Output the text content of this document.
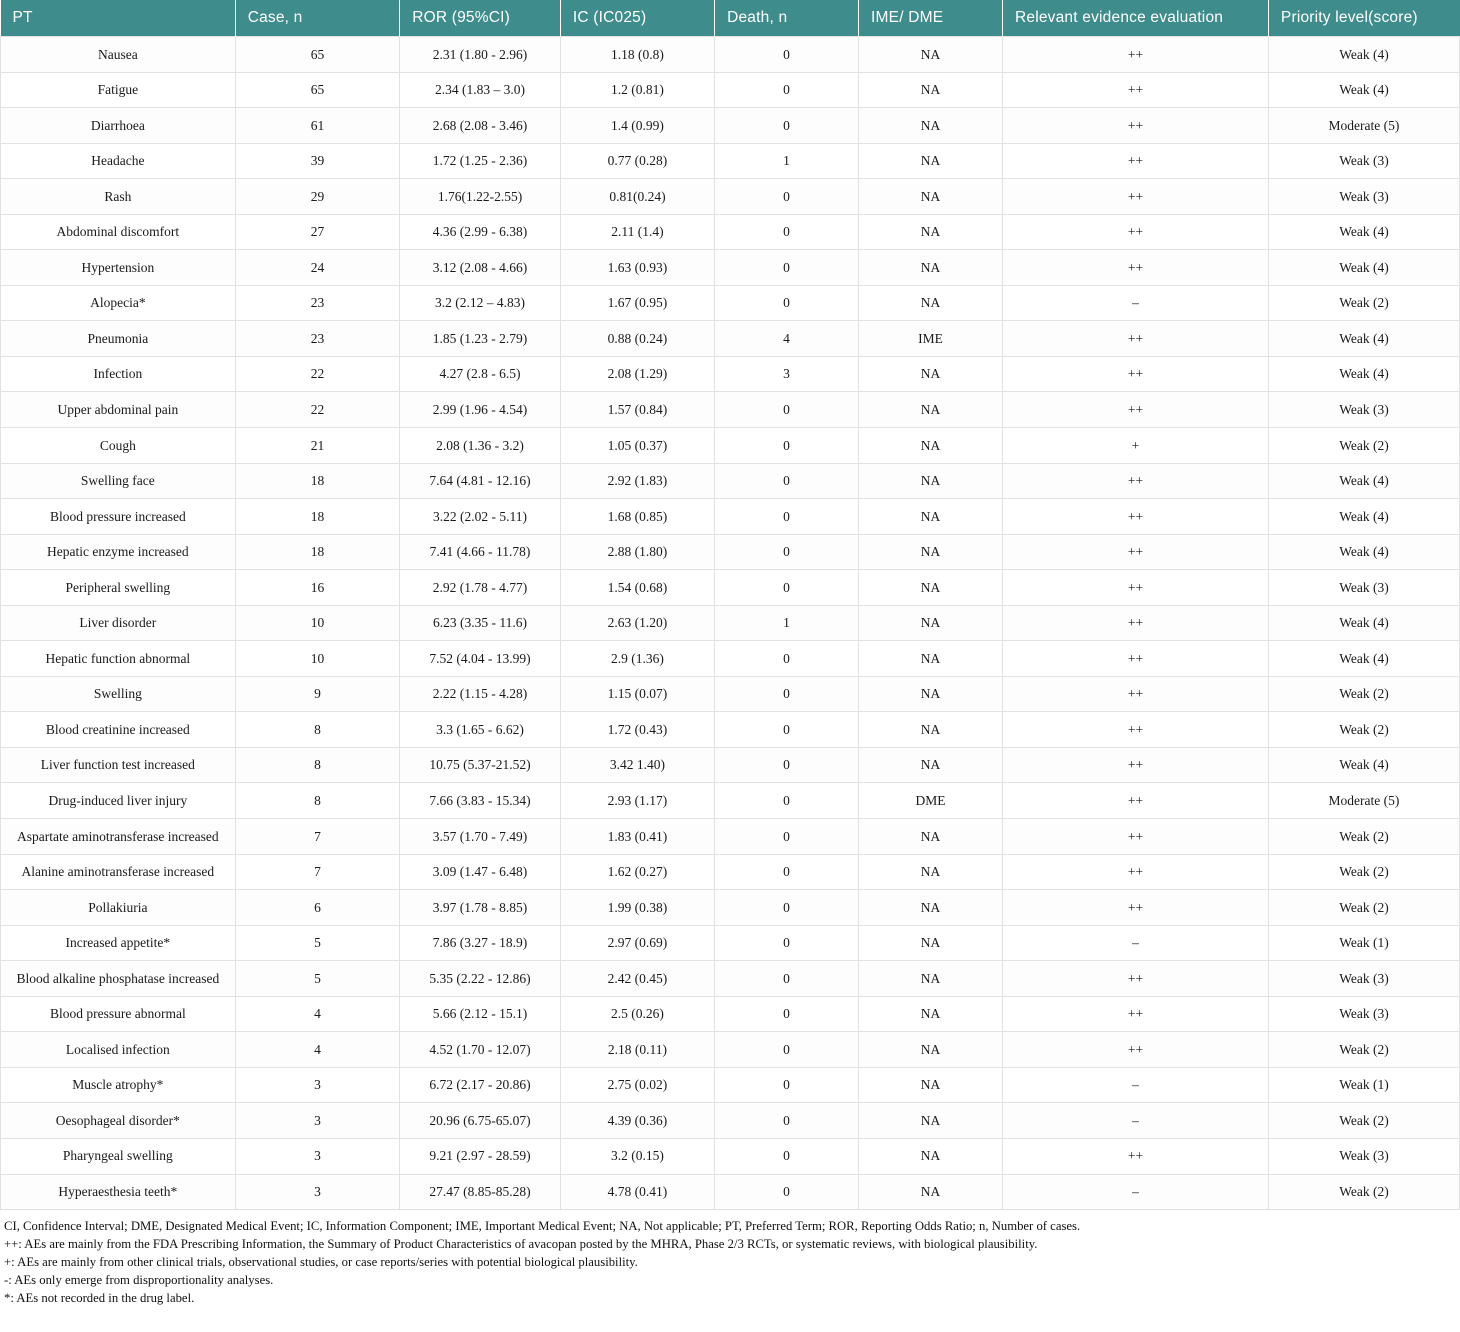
PT	Case, n	ROR (95%CI)	IC (IC025)	Death, n	IME/ DME	Relevant evidence evaluation	Priority level(score)
Nausea	65	2.31 (1.80 - 2.96)	1.18 (0.8)	0	NA	++	Weak (4)
Fatigue	65	2.34 (1.83 – 3.0)	1.2 (0.81)	0	NA	++	Weak (4)
Diarrhoea	61	2.68 (2.08 - 3.46)	1.4 (0.99)	0	NA	++	Moderate (5)
Headache	39	1.72 (1.25 - 2.36)	0.77 (0.28)	1	NA	++	Weak (3)
Rash	29	1.76(1.22-2.55)	0.81(0.24)	0	NA	++	Weak (3)
Abdominal discomfort	27	4.36 (2.99 - 6.38)	2.11 (1.4)	0	NA	++	Weak (4)
Hypertension	24	3.12 (2.08 - 4.66)	1.63 (0.93)	0	NA	++	Weak (4)
Alopecia*	23	3.2 (2.12 – 4.83)	1.67 (0.95)	0	NA	–	Weak (2)
Pneumonia	23	1.85 (1.23 - 2.79)	0.88 (0.24)	4	IME	++	Weak (4)
Infection	22	4.27 (2.8 - 6.5)	2.08 (1.29)	3	NA	++	Weak (4)
Upper abdominal pain	22	2.99 (1.96 - 4.54)	1.57 (0.84)	0	NA	++	Weak (3)
Cough	21	2.08 (1.36 - 3.2)	1.05 (0.37)	0	NA	+	Weak (2)
Swelling face	18	7.64 (4.81 - 12.16)	2.92 (1.83)	0	NA	++	Weak (4)
Blood pressure increased	18	3.22 (2.02 - 5.11)	1.68 (0.85)	0	NA	++	Weak (4)
Hepatic enzyme increased	18	7.41 (4.66 - 11.78)	2.88 (1.80)	0	NA	++	Weak (4)
Peripheral swelling	16	2.92 (1.78 - 4.77)	1.54 (0.68)	0	NA	++	Weak (3)
Liver disorder	10	6.23 (3.35 - 11.6)	2.63 (1.20)	1	NA	++	Weak (4)
Hepatic function abnormal	10	7.52 (4.04 - 13.99)	2.9 (1.36)	0	NA	++	Weak (4)
Swelling	9	2.22 (1.15 - 4.28)	1.15 (0.07)	0	NA	++	Weak (2)
Blood creatinine increased	8	3.3 (1.65 - 6.62)	1.72 (0.43)	0	NA	++	Weak (2)
Liver function test increased	8	10.75 (5.37-21.52)	3.42 1.40)	0	NA	++	Weak (4)
Drug-induced liver injury	8	7.66 (3.83 - 15.34)	2.93 (1.17)	0	DME	++	Moderate (5)
Aspartate aminotransferase increased	7	3.57 (1.70 - 7.49)	1.83 (0.41)	0	NA	++	Weak (2)
Alanine aminotransferase increased	7	3.09 (1.47 - 6.48)	1.62 (0.27)	0	NA	++	Weak (2)
Pollakiuria	6	3.97 (1.78 - 8.85)	1.99 (0.38)	0	NA	++	Weak (2)
Increased appetite*	5	7.86 (3.27 - 18.9)	2.97 (0.69)	0	NA	–	Weak (1)
Blood alkaline phosphatase increased	5	5.35 (2.22 - 12.86)	2.42 (0.45)	0	NA	++	Weak (3)
Blood pressure abnormal	4	5.66 (2.12 - 15.1)	2.5 (0.26)	0	NA	++	Weak (3)
Localised infection	4	4.52 (1.70 - 12.07)	2.18 (0.11)	0	NA	++	Weak (2)
Muscle atrophy*	3	6.72 (2.17 - 20.86)	2.75 (0.02)	0	NA	–	Weak (1)
Oesophageal disorder*	3	20.96 (6.75-65.07)	4.39 (0.36)	0	NA	–	Weak (2)
Pharyngeal swelling	3	9.21 (2.97 - 28.59)	3.2 (0.15)	0	NA	++	Weak (3)
Hyperaesthesia teeth*	3	27.47 (8.85-85.28)	4.78 (0.41)	0	NA	–	Weak (2)
CI, Confidence Interval; DME, Designated Medical Event; IC, Information Component; IME, Important Medical Event; NA, Not applicable; PT, Preferred Term; ROR, Reporting Odds Ratio; n, Number of cases.
++: AEs are mainly from the FDA Prescribing Information, the Summary of Product Characteristics of avacopan posted by the MHRA, Phase 2/3 RCTs, or systematic reviews, with biological plausibility.
+: AEs are mainly from other clinical trials, observational studies, or case reports/series with potential biological plausibility.
-: AEs only emerge from disproportionality analyses.
*: AEs not recorded in the drug label.
